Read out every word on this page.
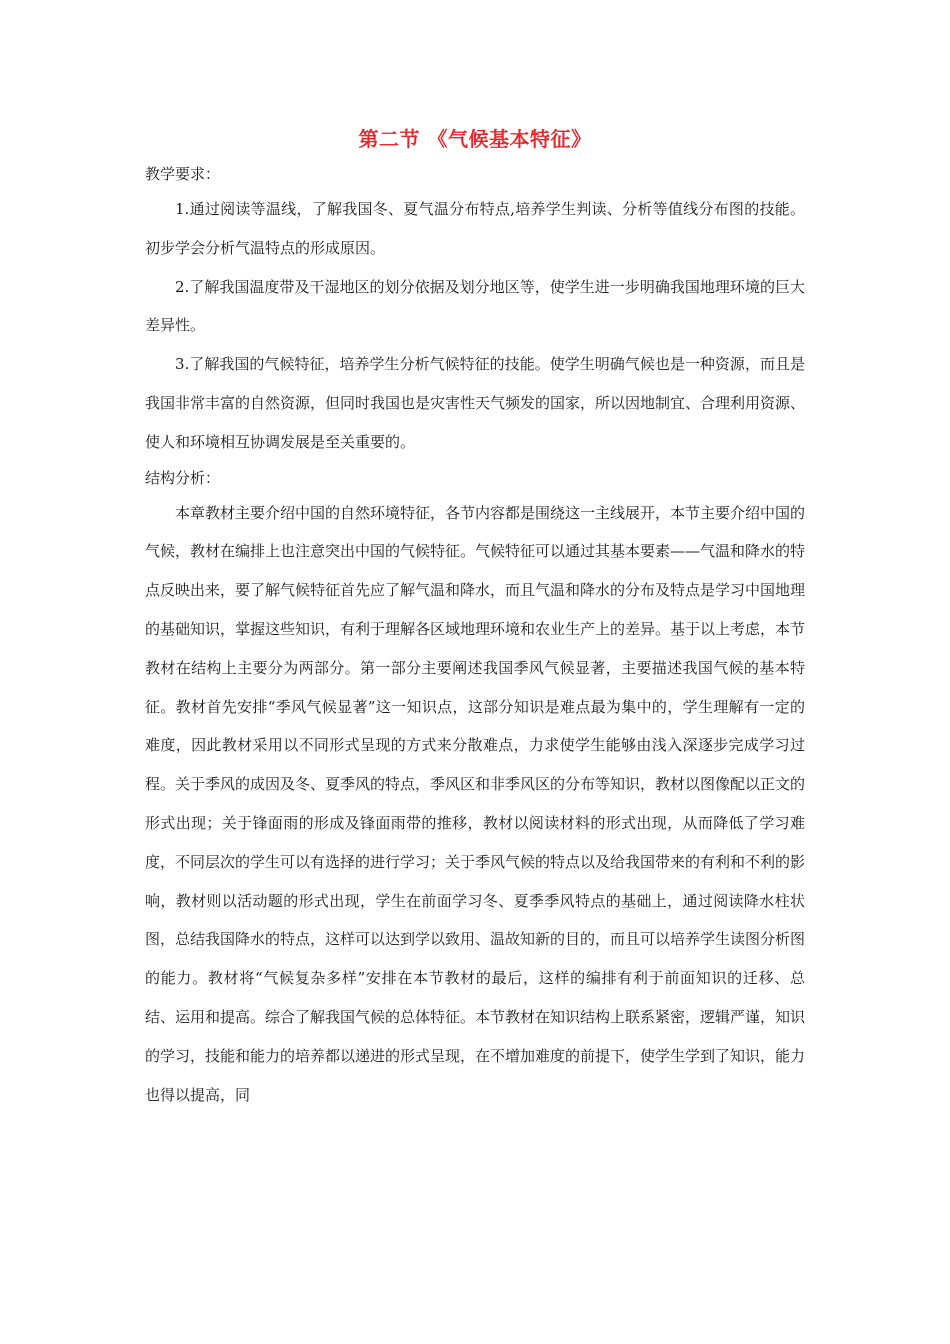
第二节 《气候基本特征》

教学要求：

1.通过阅读等温线，了解我国冬、夏气温分布特点,培养学生判读、分析等值线分布图的技能。初步学会分析气温特点的形成原因。

2.了解我国温度带及干湿地区的划分依据及划分地区等，使学生进一步明确我国地理环境的巨大差异性。

3.了解我国的气候特征，培养学生分析气候特征的技能。使学生明确气候也是一种资源，而且是我国非常丰富的自然资源，但同时我国也是灾害性天气频发的国家，所以因地制宜、合理利用资源、使人和环境相互协调发展是至关重要的。

结构分析：

本章教材主要介绍中国的自然环境特征，各节内容都是围绕这一主线展开，本节主要介绍中国的气候，教材在编排上也注意突出中国的气候特征。气候特征可以通过其基本要素——气温和降水的特点反映出来，要了解气候特征首先应了解气温和降水，而且气温和降水的分布及特点是学习中国地理的基础知识，掌握这些知识，有利于理解各区域地理环境和农业生产上的差异。基于以上考虑，本节教材在结构上主要分为两部分。第一部分主要阐述我国季风气候显著，主要描述我国气候的基本特征。教材首先安排“季风气候显著”这一知识点，这部分知识是难点最为集中的，学生理解有一定的难度，因此教材采用以不同形式呈现的方式来分散难点，力求使学生能够由浅入深逐步完成学习过程。关于季风的成因及冬、夏季风的特点，季风区和非季风区的分布等知识，教材以图像配以正文的形式出现；关于锋面雨的形成及锋面雨带的推移，教材以阅读材料的形式出现，从而降低了学习难度，不同层次的学生可以有选择的进行学习；关于季风气候的特点以及给我国带来的有利和不利的影响，教材则以活动题的形式出现，学生在前面学习冬、夏季季风特点的基础上，通过阅读降水柱状图，总结我国降水的特点，这样可以达到学以致用、温故知新的目的，而且可以培养学生读图分析图的能力。教材将“气候复杂多样”安排在本节教材的最后，这样的编排有利于前面知识的迁移、总结、运用和提高。综合了解我国气候的总体特征。本节教材在知识结构上联系紧密，逻辑严谨，知识的学习，技能和能力的培养都以递进的形式呈现，在不增加难度的前提下，使学生学到了知识，能力也得以提高，同
